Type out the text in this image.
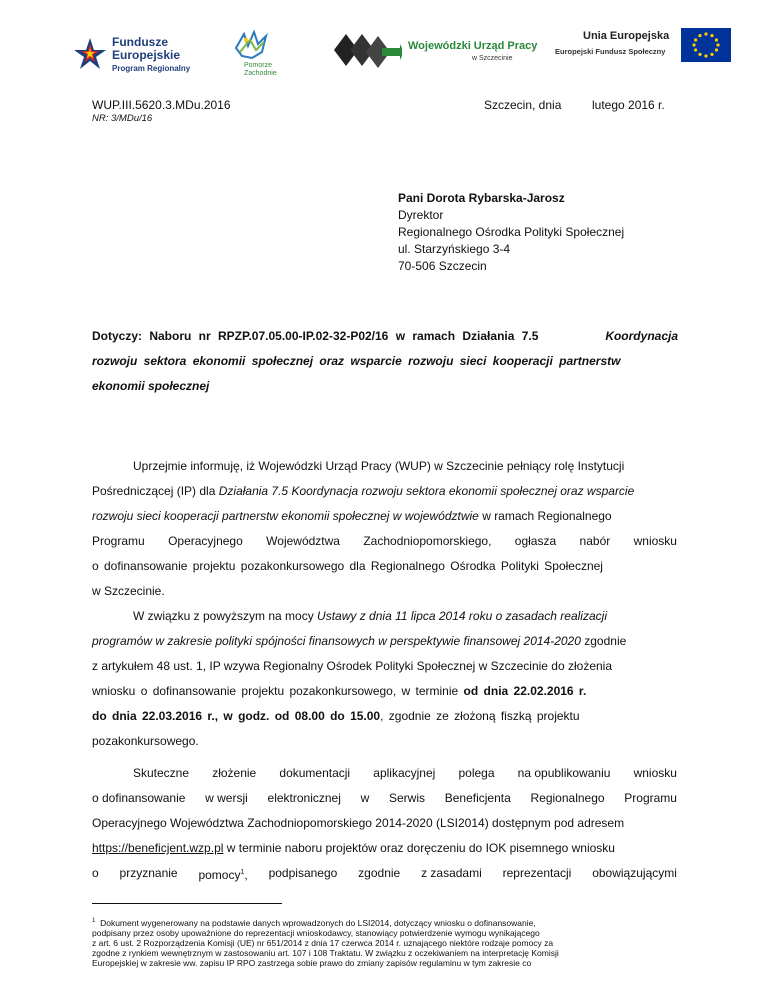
Fundusze
Europejskie
Program Regionalny	Pomorze
Zachodnie
Wojewódzki Urząd Pracy
w Szczecinie
Unia Europejska
Europejski Fundusz Społeczny
WUP.III.5620.3.MDu.2016
NR: 3/MDu/16
Szczecin, dnia	lutego 2016 r.
Pani Dorota Rybarska-Jarosz
Dyrektor
Regionalnego Ośrodka Polityki Społecznej
ul. Starzyńskiego 3-4
70-506 Szczecin
Dotyczy: Naboru nr RPZP.07.05.00-IP.02-32-P02/16 w ramach Działania 7.5	Koordynacja
rozwoju sektora ekonomii społecznej oraz wsparcie rozwoju sieci kooperacji partnerstw
ekonomii społecznej
Uprzejmie informuję, iż Wojewódzki Urząd Pracy (WUP) w Szczecinie pełniący rolę Instytucji
Pośredniczącej (IP) dla Działania 7.5 Koordynacja rozwoju sektora ekonomii społecznej oraz wsparcie
rozwoju sieci kooperacji partnerstw ekonomii społecznej w województwie w ramach Regionalnego
Programu Operacyjnego Województwa Zachodniopomorskiego, ogłasza nabór wniosku
o dofinansowanie projektu pozakonkursowego dla Regionalnego Ośrodka Polityki Społecznej
w Szczecinie.
W związku z powyższym na mocy Ustawy z dnia 11 lipca 2014 roku o zasadach realizacji
programów w zakresie polityki spójności finansowych w perspektywie finansowej 2014-2020 zgodnie
z artykułem 48 ust. 1, IP wzywa Regionalny Ośrodek Polityki Społecznej w Szczecinie do złożenia
wniosku o dofinansowanie projektu pozakonkursowego, w terminie od dnia 22.02.2016 r.
do dnia 22.03.2016 r., w godz. od 08.00 do 15.00, zgodnie ze złożoną fiszką projektu
pozakonkursowego.
Skuteczne złożenie dokumentacji aplikacyjnej polega na opublikowaniu wniosku
o dofinansowanie w wersji elektronicznej w Serwis Beneficjenta Regionalnego Programu
Operacyjnego Województwa Zachodniopomorskiego 2014-2020 (LSI2014) dostępnym pod adresem
https://beneficjent.wzp.pl w terminie naboru projektów oraz doręczeniu do IOK pisemnego wniosku
o przyznanie pomocy$^1$, podpisanego zgodnie z zasadami reprezentacji obowiązującymi
$^1$ Dokument wygenerowany na podstawie danych wprowadzonych do LSI2014, dotyczący wniosku o dofinansowanie,
podpisany przez osoby upoważnione do reprezentacji wnioskodawcy, stanowiący potwierdzenie wymogu wynikającego
z art. 6 ust. 2 Rozporządzenia Komisji (UE) nr 651/2014 z dnia 17 czerwca 2014 r. uznającego niektóre rodzaje pomocy za
zgodne z rynkiem wewnętrznym w zastosowaniu art. 107 i 108 Traktatu. W związku z oczekiwaniem na interpretację Komisji
Europejskiej w zakresie ww. zapisu IP RPO zastrzega sobie prawo do zmiany zapisów regulaminu w tym zakresie co
